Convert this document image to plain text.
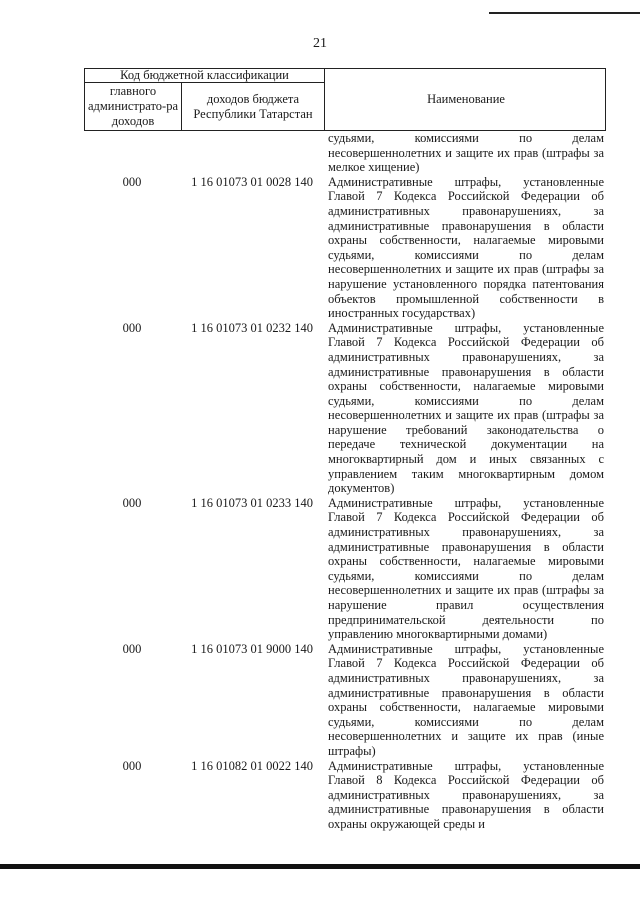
21
Код бюджетной классификации
главного администрато-ра доходов
доходов бюджета Республики Татарстан
Наименование
судьями, комиссиями по делам несовершеннолетних и защите их прав (штрафы за мелкое хищение)
000	1 16 01073 01 0028 140	Административные штрафы, установленные Главой 7 Кодекса Российской Федерации об административных правонарушениях, за административные правонарушения в области охраны собственности, налагаемые мировыми судьями, комиссиями по делам несовершеннолетних и защите их прав (штрафы за нарушение установленного порядка патентования объектов промышленной собственности в иностранных государствах)
000	1 16 01073 01 0232 140	Административные штрафы, установленные Главой 7 Кодекса Российской Федерации об административных правонарушениях, за административные правонарушения в области охраны собственности, налагаемые мировыми судьями, комиссиями по делам несовершеннолетних и защите их прав (штрафы за нарушение требований законодательства о передаче технической документации на многоквартирный дом и иных связанных с управлением таким многоквартирным домом документов)
000	1 16 01073 01 0233 140	Административные штрафы, установленные Главой 7 Кодекса Российской Федерации об административных правонарушениях, за административные правонарушения в области охраны собственности, налагаемые мировыми судьями, комиссиями по делам несовершеннолетних и защите их прав (штрафы за нарушение правил осуществления предпринимательской деятельности по управлению многоквартирными домами)
000	1 16 01073 01 9000 140	Административные штрафы, установленные Главой 7 Кодекса Российской Федерации об административных правонарушениях, за административные правонарушения в области охраны собственности, налагаемые мировыми судьями, комиссиями по делам несовершеннолетних и защите их прав (иные штрафы)
000	1 16 01082 01 0022 140	Административные штрафы, установленные Главой 8 Кодекса Российской Федерации об административных правонарушениях, за административные правонарушения в области охраны окружающей среды и
